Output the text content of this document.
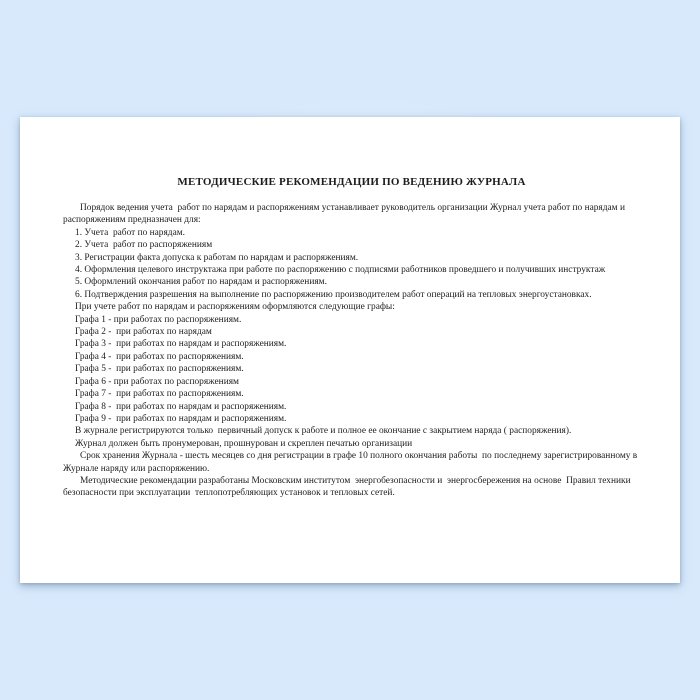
МЕТОДИЧЕСКИЕ РЕКОМЕНДАЦИИ ПО ВЕДЕНИЮ ЖУРНАЛА

Порядок ведения учета  работ по нарядам и распоряжениям устанавливает руководитель организации Журнал учета работ по нарядам и распоряжениям предназначен для:

1. Учета  работ по нарядам.

2. Учета  работ по распоряжениям

3. Регистрации факта допуска к работам по нарядам и распоряжениям.

4. Оформления целевого инструктажа при работе по распоряжению с подписями работников проведшего и получивших инструктаж

5. Оформлений окончания работ по нарядам и распоряжениям.

6. Подтверждения разрешения на выполнение по распоряжению производителем работ операций на тепловых энергоустановках.

При учете работ по нарядам и распоряжениям оформляются следующие графы:

Графа 1 - при работах по распоряжениям.

Графа 2 -  при работах по нарядам

Графа 3 -  при работах по нарядам и распоряжениям.

Графа 4 -  при работах по распоряжениям.

Графа 5 -  при работах по распоряжениям.

Графа 6 - при работах по распоряжениям

Графа 7 -  при работах по распоряжениям.

Графа 8 -  при работах по нарядам и распоряжениям.

Графа 9 -  при работах по нарядам и распоряжениям.

В журнале регистрируются только  первичный допуск к работе и полное ее окончание с закрытием наряда ( распоряжения).

Журнал должен быть пронумерован, прошнурован и скреплен печатью организации

Срок хранения Журнала - шесть месяцев со дня регистрации в графе 10 полного окончания работы  по последнему зарегистрированному в Журнале наряду или распоряжению.

Методические рекомендации разработаны Московским институтом  энергобезопасности и  энергосбережения на основе  Правил техники безопасности при эксплуатации  теплопотребляющих установок и тепловых сетей.
